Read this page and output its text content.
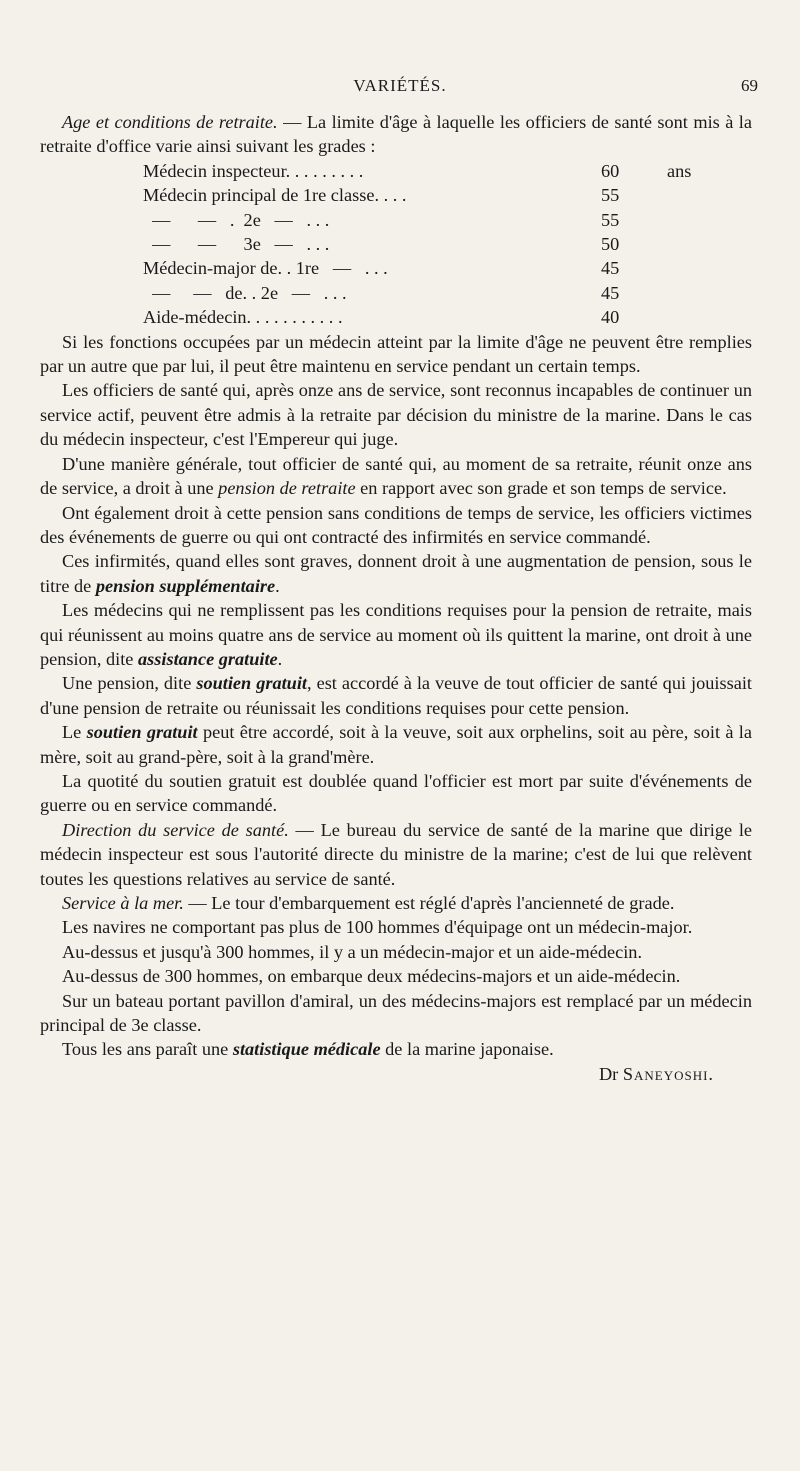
VARIÉTÉS.	69

Age et conditions de retraite. — La limite d'âge à laquelle les officiers de santé sont mis à la retraite d'office varie ainsi suivant les grades :

Médecin inspecteur. . . . . . . . .	60	ans
Médecin principal de 1re classe. . . .	55	
—      —   .  2e   —   . . .	55	
—      —      3e   —   . . .	50	
Médecin-major de. . 1re   —   . . .	45	
—     —   de. . 2e   —   . . .	45	
Aide-médecin. . . . . . . . . . .	40	

Si les fonctions occupées par un médecin atteint par la limite d'âge ne peuvent être remplies par un autre que par lui, il peut être maintenu en service pendant un certain temps.

Les officiers de santé qui, après onze ans de service, sont reconnus incapables de continuer un service actif, peuvent être admis à la retraite par décision du ministre de la marine. Dans le cas du médecin inspecteur, c'est l'Empereur qui juge.

D'une manière générale, tout officier de santé qui, au moment de sa retraite, réunit onze ans de service, a droit à une pension de retraite en rapport avec son grade et son temps de service.

Ont également droit à cette pension sans conditions de temps de service, les officiers victimes des événements de guerre ou qui ont contracté des infirmités en service commandé.

Ces infirmités, quand elles sont graves, donnent droit à une augmentation de pension, sous le titre de pension supplémentaire.

Les médecins qui ne remplissent pas les conditions requises pour la pension de retraite, mais qui réunissent au moins quatre ans de service au moment où ils quittent la marine, ont droit à une pension, dite assistance gratuite.

Une pension, dite soutien gratuit, est accordé à la veuve de tout officier de santé qui jouissait d'une pension de retraite ou réunissait les conditions requises pour cette pension.

Le soutien gratuit peut être accordé, soit à la veuve, soit aux orphelins, soit au père, soit à la mère, soit au grand-père, soit à la grand'mère.

La quotité du soutien gratuit est doublée quand l'officier est mort par suite d'événements de guerre ou en service commandé.

Direction du service de santé. — Le bureau du service de santé de la marine que dirige le médecin inspecteur est sous l'autorité directe du ministre de la marine; c'est de lui que relèvent toutes les questions relatives au service de santé.

Service à la mer. — Le tour d'embarquement est réglé d'après l'ancienneté de grade.

Les navires ne comportant pas plus de 100 hommes d'équipage ont un médecin-major.

Au-dessus et jusqu'à 300 hommes, il y a un médecin-major et un aide-médecin.

Au-dessus de 300 hommes, on embarque deux médecins-majors et un aide-médecin.

Sur un bateau portant pavillon d'amiral, un des médecins-majors est remplacé par un médecin principal de 3e classe.

Tous les ans paraît une statistique médicale de la marine japonaise.

Dr Saneyoshi.
